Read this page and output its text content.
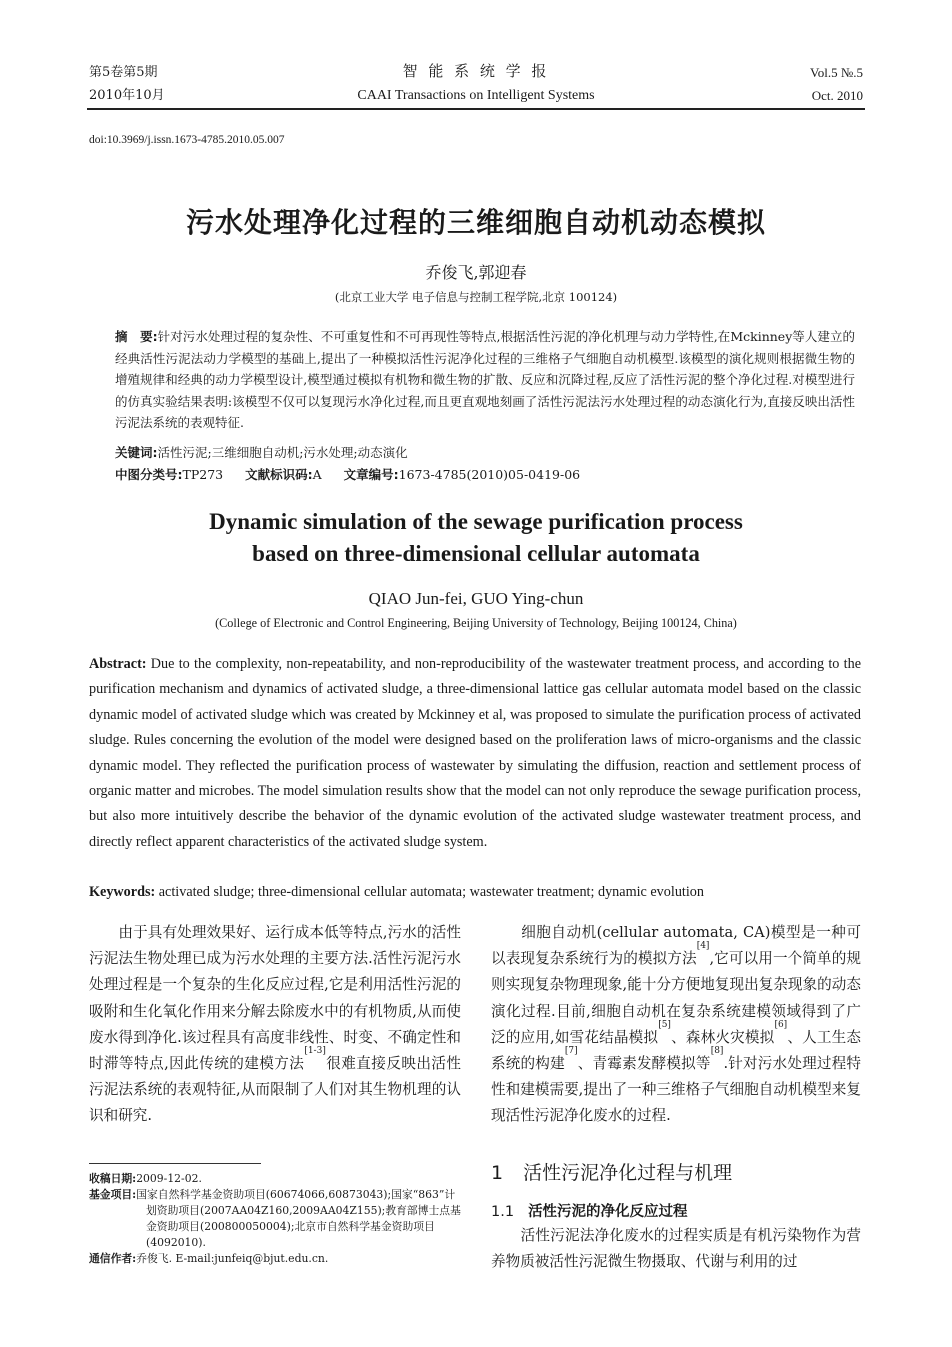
第5卷第5期
2010年10月
智 能 系 统 学 报
CAAI Transactions on Intelligent Systems
Vol.5 №.5
Oct. 2010
doi:10.3969/j.issn.1673-4785.2010.05.007
污水处理净化过程的三维细胞自动机动态模拟
乔俊飞,郭迎春
(北京工业大学 电子信息与控制工程学院,北京 100124)
摘　要:针对污水处理过程的复杂性、不可重复性和不可再现性等特点,根据活性污泥的净化机理与动力学特性,在Mckinney等人建立的经典活性污泥法动力学模型的基础上,提出了一种模拟活性污泥净化过程的三维格子气细胞自动机模型.该模型的演化规则根据微生物的增殖规律和经典的动力学模型设计,模型通过模拟有机物和微生物的扩散、反应和沉降过程,反应了活性污泥的整个净化过程.对模型进行的仿真实验结果表明:该模型不仅可以复现污水净化过程,而且更直观地刻画了活性污泥法污水处理过程的动态演化行为,直接反映出活性污泥法系统的表观特征.
关键词:活性污泥;三维细胞自动机;污水处理;动态演化
中图分类号:TP273 文献标识码:A 文章编号:1673-4785(2010)05-0419-06
Dynamic simulation of the sewage purification process
based on three-dimensional cellular automata
QIAO Jun-fei, GUO Ying-chun
(College of Electronic and Control Engineering, Beijing University of Technology, Beijing 100124, China)
Abstract: Due to the complexity, non-repeatability, and non-reproducibility of the wastewater treatment process, and according to the purification mechanism and dynamics of activated sludge, a three-dimensional lattice gas cellular automata model based on the classic dynamic model of activated sludge which was created by Mckinney et al, was proposed to simulate the purification process of activated sludge. Rules concerning the evolution of the model were designed based on the proliferation laws of micro-organisms and the classic dynamic model. They reflected the purification process of wastewater by simulating the diffusion, reaction and settlement process of organic matter and microbes. The model simulation results show that the model can not only reproduce the sewage purification process, but also more intuitively describe the behavior of the dynamic evolution of the activated sludge wastewater treatment process, and directly reflect apparent characteristics of the activated sludge system.
Keywords: activated sludge; three-dimensional cellular automata; wastewater treatment; dynamic evolution
　　由于具有处理效果好、运行成本低等特点,污水的活性污泥法生物处理已成为污水处理的主要方法.活性污泥污水处理过程是一个复杂的生化反应过程,它是利用活性污泥的吸附和生化氧化作用来分解去除废水中的有机物质,从而使废水得到净化.该过程具有高度非线性、时变、不确定性和时滞等特点,因此传统的建模方法[1-3]很难直接反映出活性污泥法系统的表观特征,从而限制了人们对其生物机理的认识和研究.
收稿日期:2009-12-02.
基金项目:国家自然科学基金资助项目(60674066,60873043);国家“863”计划资助项目(2007AA04Z160,2009AA04Z155);教育部博士点基金资助项目(200800050004);北京市自然科学基金资助项目(4092010).
通信作者:乔俊飞. E-mail:junfeiq@bjut.edu.cn.
　　细胞自动机(cellular automata, CA)模型是一种可以表现复杂系统行为的模拟方法[4],它可以用一个简单的规则实现复杂物理现象,能十分方便地复现出复杂现象的动态演化过程.目前,细胞自动机在复杂系统建模领域得到了广泛的应用,如雪花结晶模拟[5]、森林火灾模拟[6]、人工生态系统的构建[7]、青霉素发酵模拟等[8].针对污水处理过程特性和建模需要,提出了一种三维格子气细胞自动机模型来复现活性污泥净化废水的过程.
1 活性污泥净化过程与机理
1.1 活性污泥的净化反应过程
　　活性污泥法净化废水的过程实质是有机污染物作为营养物质被活性污泥微生物摄取、代谢与利用的过
